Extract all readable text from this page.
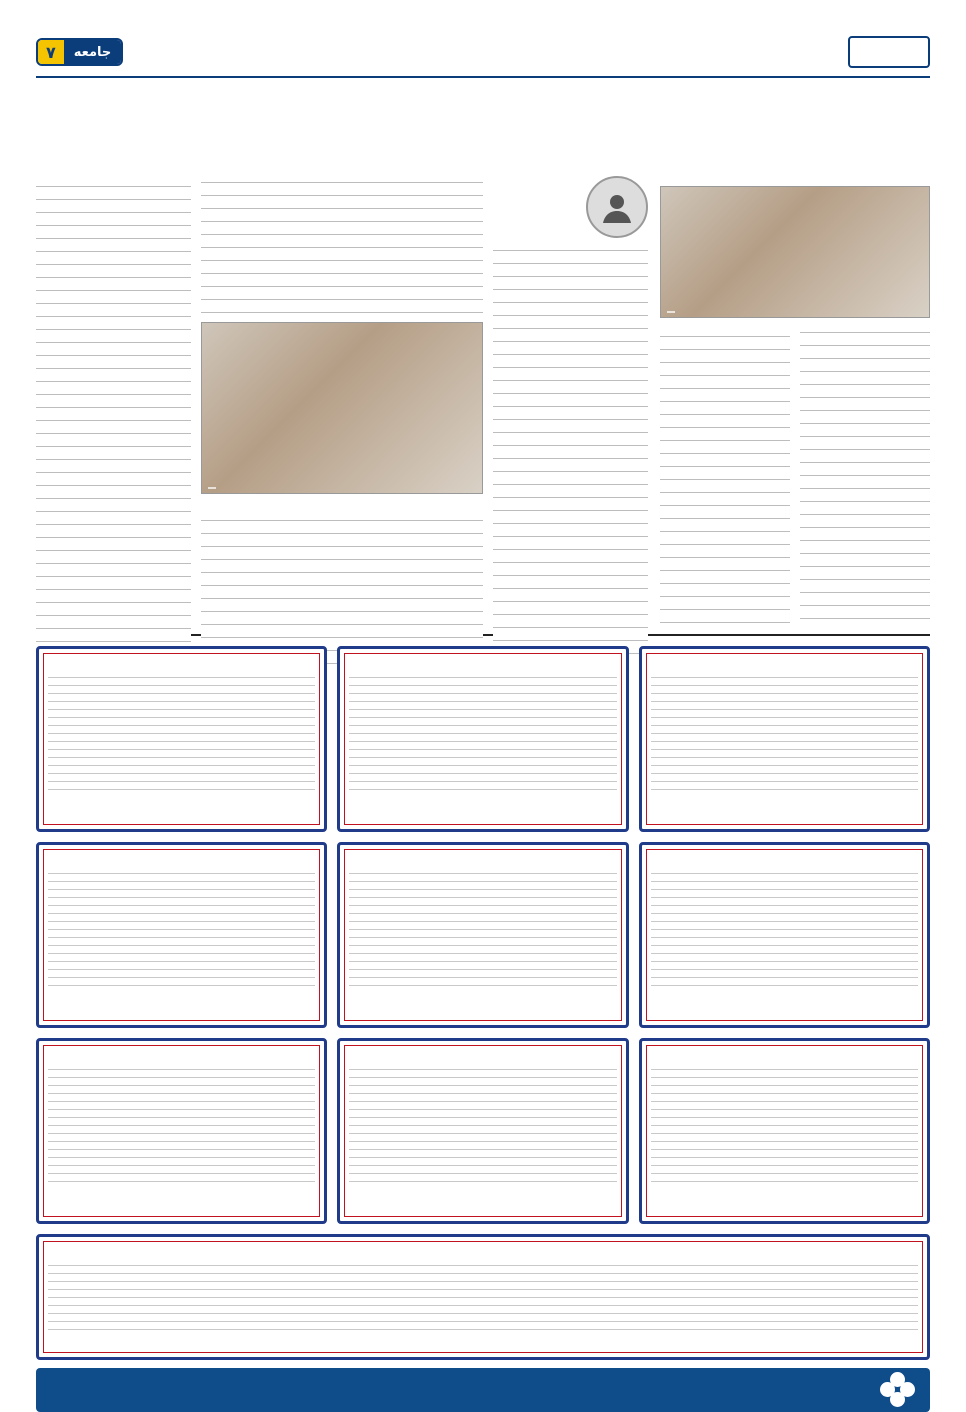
جامعه
۷
